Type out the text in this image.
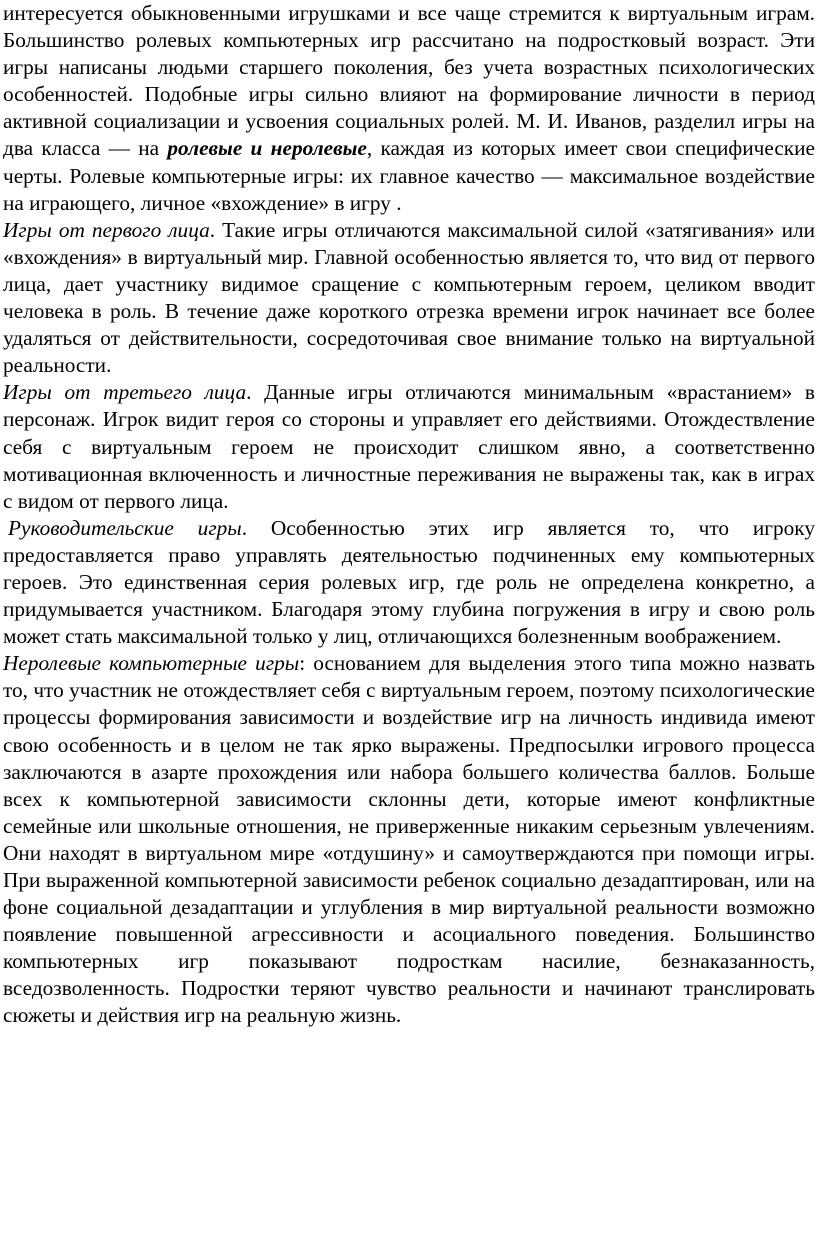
интересуется обыкновенными игрушками и все чаще стремится к виртуальным играм. Большинство ролевых компьютерных игр рассчитано на подростковый возраст. Эти игры написаны людьми старшего поколения, без учета возрастных психологических особенностей. Подобные игры сильно влияют на формирование личности в период активной социализации и усвоения социальных ролей. М. И. Иванов, разделил игры на два класса — на ролевые и неролевые, каждая из которых имеет свои специфические черты. Ролевые компьютерные игры: их главное качество — максимальное воздействие на играющего, личное «вхождение» в игру .

Игры от первого лица. Такие игры отличаются максимальной силой «затягивания» или «вхождения» в виртуальный мир. Главной особенностью является то, что вид от первого лица, дает участнику видимое сращение с компьютерным героем, целиком вводит человека в роль. В течение даже короткого отрезка времени игрок начинает все более удаляться от действительности, сосредоточивая свое внимание только на виртуальной реальности.

Игры от третьего лица. Данные игры отличаются минимальным «врастанием» в персонаж. Игрок видит героя со стороны и управляет его действиями. Отождествление себя с виртуальным героем не происходит слишком явно, а соответственно мотивационная включенность и личностные переживания не выражены так, как в играх с видом от первого лица.

Руководительские игры. Особенностью этих игр является то, что игроку предоставляется право управлять деятельностью подчиненных ему компьютерных героев. Это единственная серия ролевых игр, где роль не определена конкретно, а придумывается участником. Благодаря этому глубина погружения в игру и свою роль может стать максимальной только у лиц, отличающихся болезненным воображением.

Неролевые компьютерные игры: основанием для выделения этого типа можно назвать то, что участник не отождествляет себя с виртуальным героем, поэтому психологические процессы формирования зависимости и воздействие игр на личность индивида имеют свою особенность и в целом не так ярко выражены. Предпосылки игрового процесса заключаются в азарте прохождения или набора большего количества баллов. Больше всех к компьютерной зависимости склонны дети, которые имеют конфликтные семейные или школьные отношения, не приверженные никаким серьезным увлечениям. Они находят в виртуальном мире «отдушину» и самоутверждаются при помощи игры. При выраженной компьютерной зависимости ребенок социально дезадаптирован, или на фоне социальной дезадаптации и углубления в мир виртуальной реальности возможно появление повышенной агрессивности и асоциального поведения. Большинство компьютерных игр показывают подросткам насилие, безнаказанность, вседозволенность. Подростки теряют чувство реальности и начинают транслировать сюжеты и действия игр на реальную жизнь.
